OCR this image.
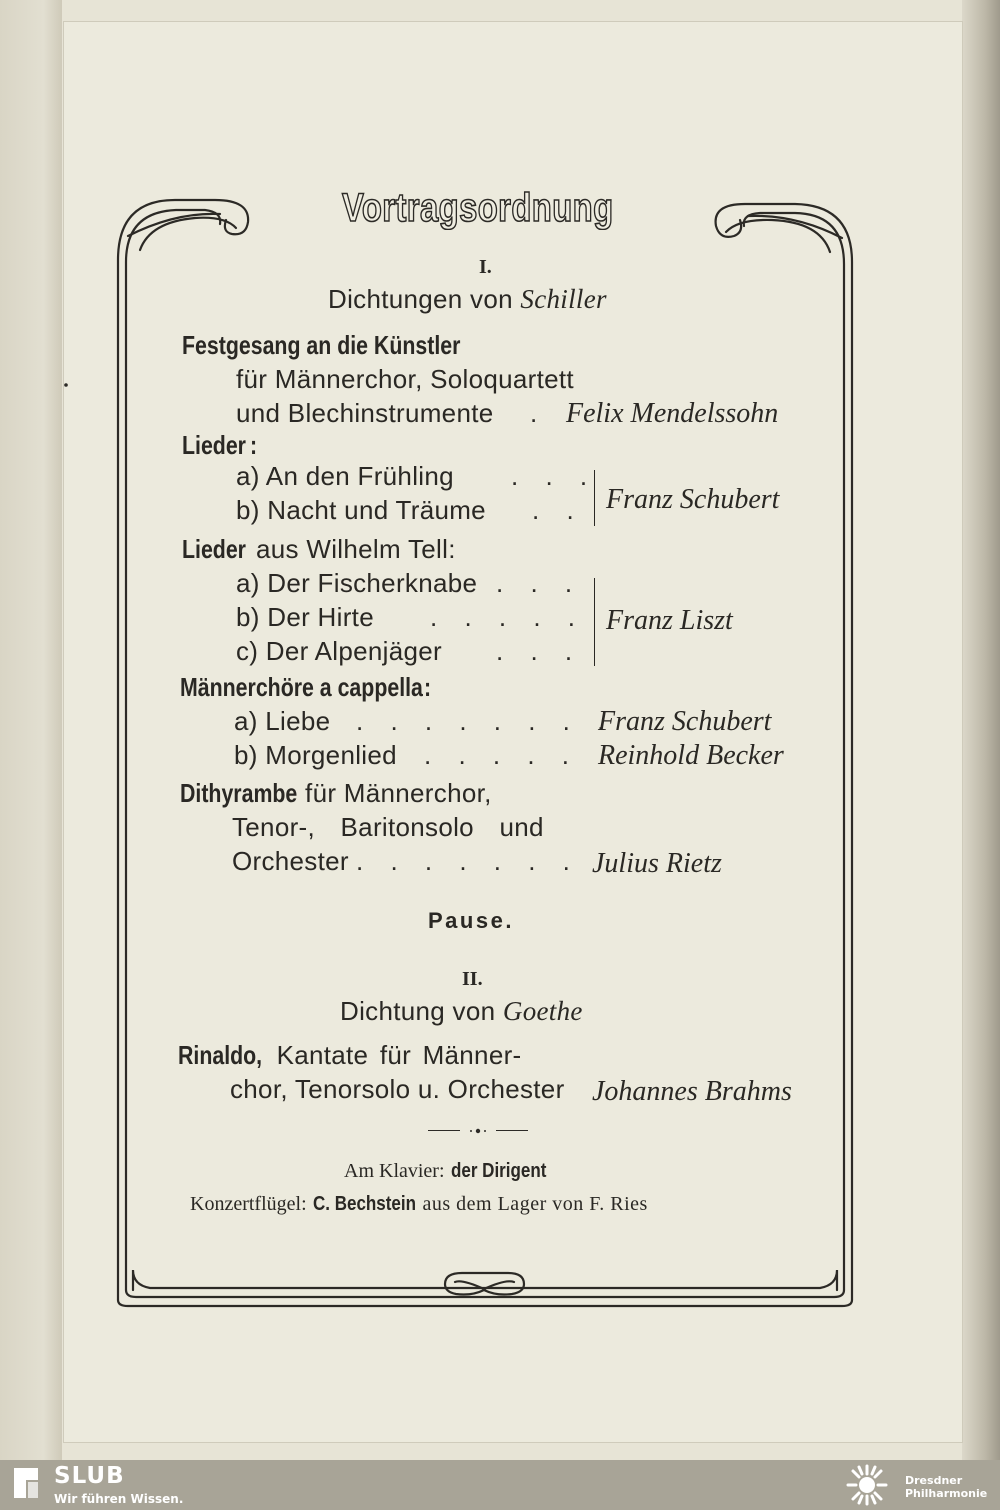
Vortragsordnung
I.
Dichtungen von Schiller
Festgesang an die Künstler
für Männerchor, Soloquartett
und Blechinstrumente . Felix Mendelssohn
Lieder :
a) An den Frühling . . .
b) Nacht und Träume . . Franz Schubert
Lieder aus Wilhelm Tell:
a) Der Fischerknabe . . .
b) Der Hirte . . . . .
c) Der Alpenjäger . . .
Franz Liszt
Männerchöre a cappella:
a) Liebe . . . . . . . .
Franz Schubert
b) Morgenlied . . . . . Reinhold Becker
Dithyrambe für Männerchor,
Tenor-, Baritonsolo und
Orchester . . . . . . . Julius Rietz
Pause.
II.
Dichtung von Goethe
Rinaldo, Kantate für Männer-
chor, Tenorsolo u. Orchester Johannes Brahms
Am Klavier: der Dirigent
Konzertflügel: C. Bechstein aus dem Lager von F. Ries
SLUB
Wir führen Wissen.
Dresdner
Philharmonie
